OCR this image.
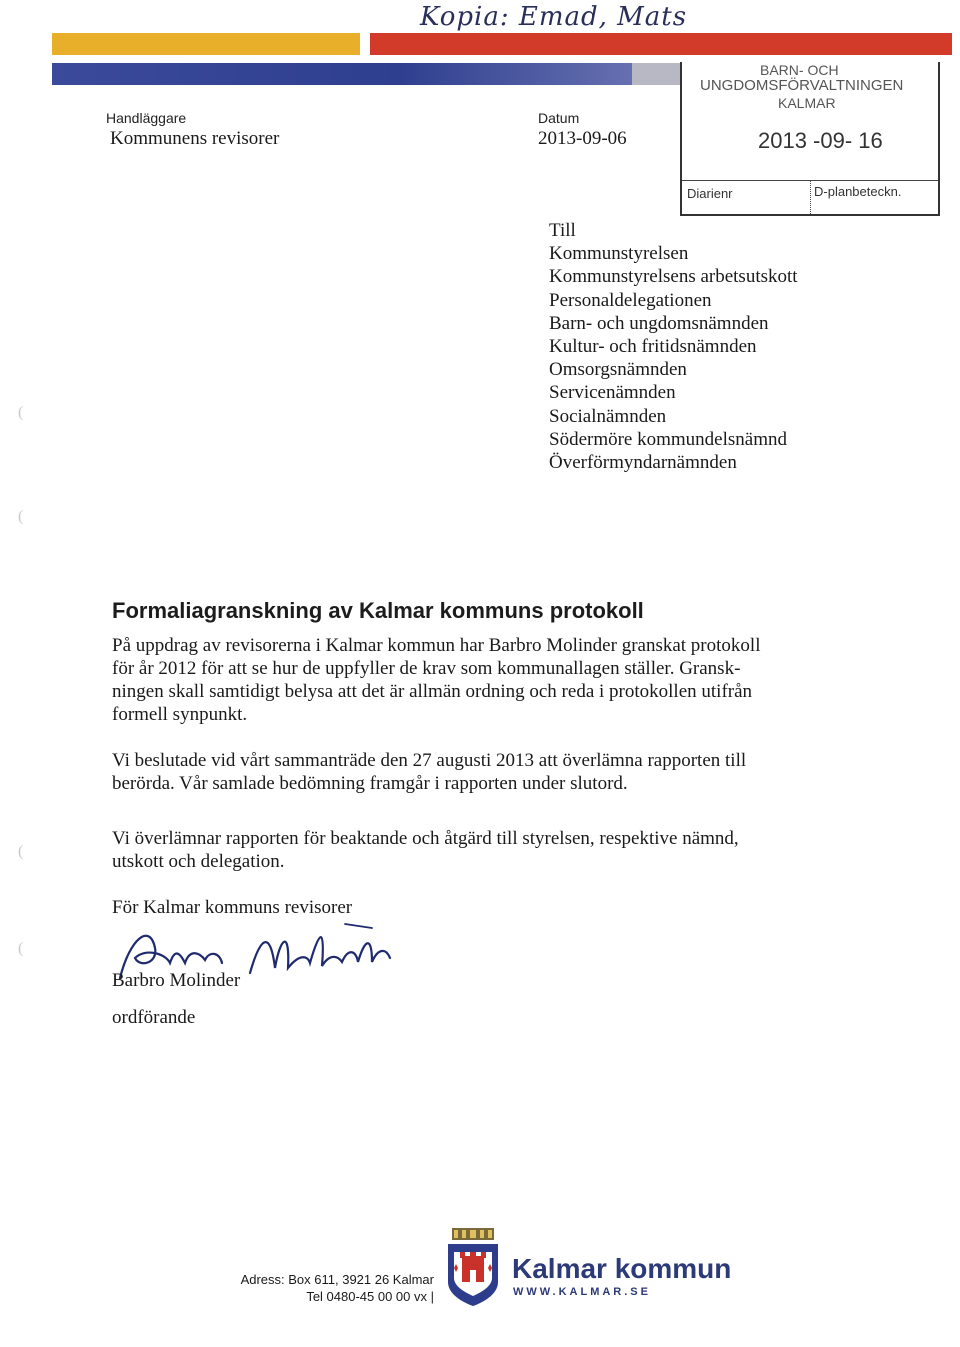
Kopia: Emad, Mats
Handläggare
Kommunens revisorer
Datum
2013-09-06
BARN- OCH
UNGDOMSFÖRVALTNINGEN
KALMAR
2013 -09- 16
Diarienr	D-planbeteckn.
Till
Kommunstyrelsen
Kommunstyrelsens arbetsutskott
Personaldelegationen
Barn- och ungdomsnämnden
Kultur- och fritidsnämnden
Omsorgsnämnden
Servicenämnden
Socialnämnden
Södermöre kommundelsnämnd
Överförmyndarnämnden
(
(
(
(
Formaliagranskning av Kalmar kommuns protokoll
På uppdrag av revisorerna i Kalmar kommun har Barbro Molinder granskat protokoll
för år 2012 för att se hur de uppfyller de krav som kommunallagen ställer. Gransk-
ningen skall samtidigt belysa att det är allmän ordning och reda i protokollen utifrån
formell synpunkt.
Vi beslutade vid vårt sammanträde den 27 augusti 2013 att överlämna rapporten till
berörda. Vår samlade bedömning framgår i rapporten under slutord.
Vi överlämnar rapporten för beaktande och åtgärd till styrelsen, respektive nämnd,
utskott och delegation.
För Kalmar kommuns revisorer
Barbro Molinder
ordförande
Adress: Box 611, 3921 26 Kalmar
Tel 0480-45 00 00 vx |
Kalmar kommun
WWW.KALMAR.SE
